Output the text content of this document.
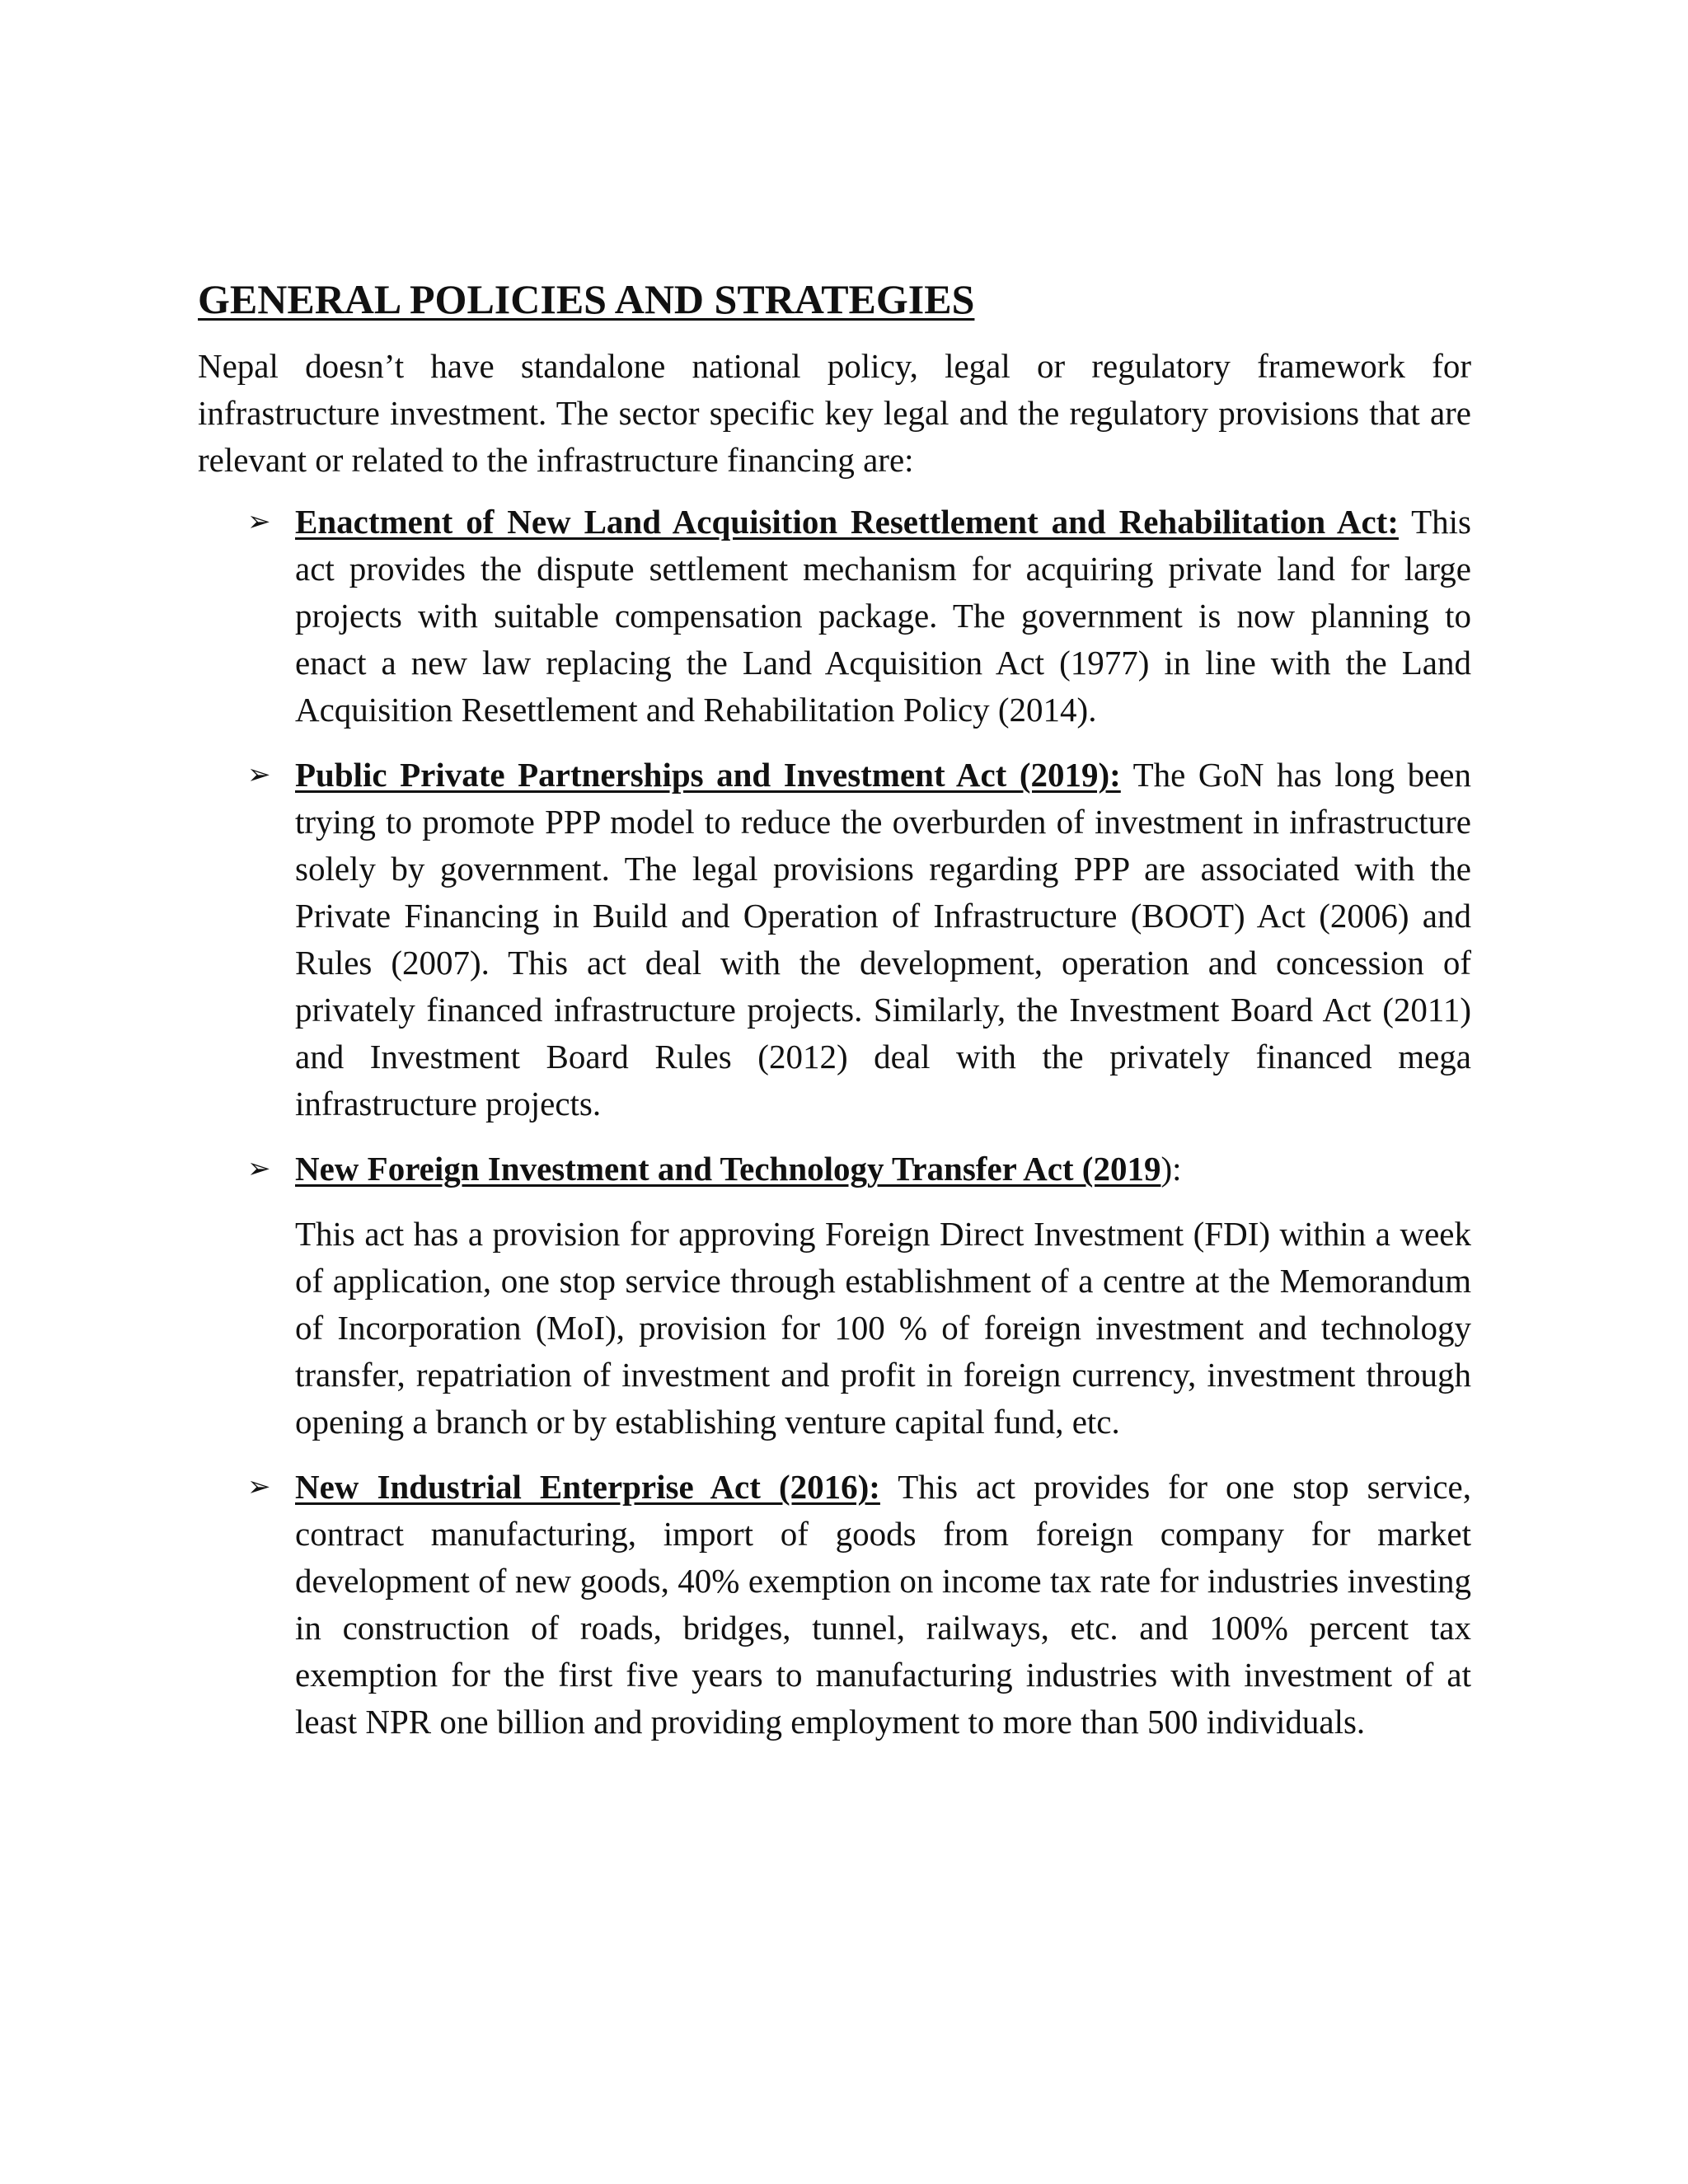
GENERAL POLICIES AND STRATEGIES

Nepal doesn’t have standalone national policy, legal or regulatory framework for infrastructure investment. The sector specific key legal and the regulatory provisions that are relevant or related to the infrastructure financing are:

➢ Enactment of New Land Acquisition Resettlement and Rehabilitation Act: This act provides the dispute settlement mechanism for acquiring private land for large projects with suitable compensation package. The government is now planning to enact a new law replacing the Land Acquisition Act (1977) in line with the Land Acquisition Resettlement and Rehabilitation Policy (2014).
➢ Public Private Partnerships and Investment Act (2019): The GoN has long been trying to promote PPP model to reduce the overburden of investment in infrastructure solely by government. The legal provisions regarding PPP are associated with the Private Financing in Build and Operation of Infrastructure (BOOT) Act (2006) and Rules (2007). This act deal with the development, operation and concession of privately financed infrastructure projects. Similarly, the Investment Board Act (2011) and Investment Board Rules (2012) deal with the privately financed mega infrastructure projects.
➢ New Foreign Investment and Technology Transfer Act (2019):

This act has a provision for approving Foreign Direct Investment (FDI) within a week of application, one stop service through establishment of a centre at the Memorandum of Incorporation (MoI), provision for 100 % of foreign investment and technology transfer, repatriation of investment and profit in foreign currency, investment through opening a branch or by establishing venture capital fund, etc.

➢ New Industrial Enterprise Act (2016): This act provides for one stop service, contract manufacturing, import of goods from foreign company for market development of new goods, 40% exemption on income tax rate for industries investing in construction of roads, bridges, tunnel, railways, etc. and 100% percent tax exemption for the first five years to manufacturing industries with investment of at least NPR one billion and providing employment to more than 500 individuals.
